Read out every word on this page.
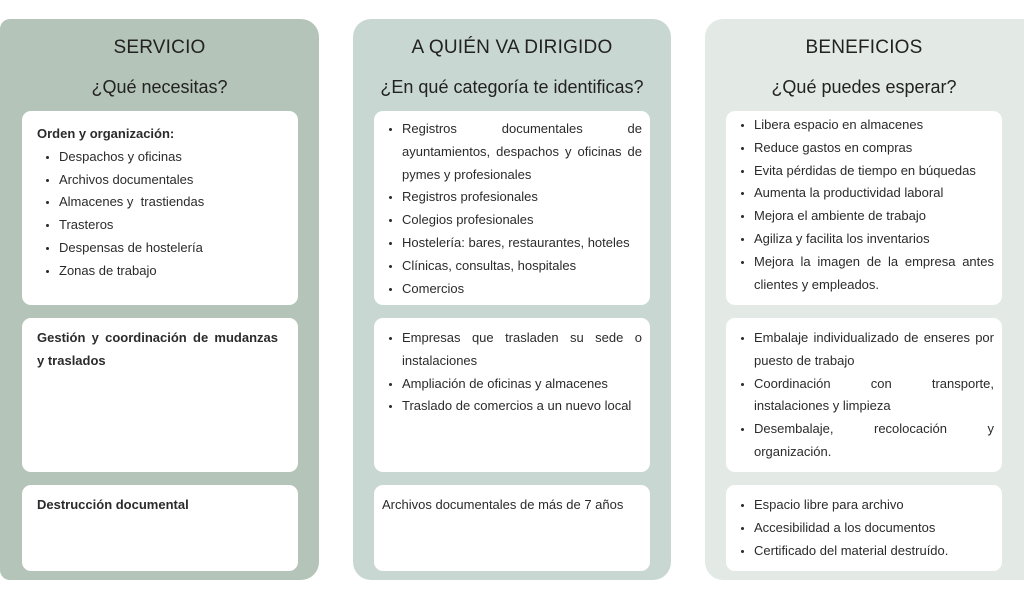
SERVICIO
¿Qué necesitas?
Orden y organización:
• Despachos y oficinas
• Archivos documentales
• Almacenes y  trastiendas
• Trasteros
• Despensas de hostelería
• Zonas de trabajo
Gestión y coordinación de mudanzas y traslados
Destrucción documental
A QUIÉN VA DIRIGIDO
¿En qué categoría te identificas?
• Registros documentales de ayuntamientos, despachos y oficinas de pymes y profesionales
• Registros profesionales
• Colegios profesionales
• Hostelería: bares, restaurantes, hoteles
• Clínicas, consultas, hospitales
• Comercios
• Empresas que trasladen su sede o instalaciones
• Ampliación de oficinas y almacenes
• Traslado de comercios a un nuevo local
Archivos documentales de más de 7 años
BENEFICIOS
¿Qué puedes esperar?
• Libera espacio en almacenes
• Reduce gastos en compras
• Evita pérdidas de tiempo en búquedas
• Aumenta la productividad laboral
• Mejora el ambiente de trabajo
• Agiliza y facilita los inventarios
• Mejora la imagen de la empresa antes clientes y empleados.
• Embalaje individualizado de enseres por puesto de trabajo
• Coordinación con transporte, instalaciones y limpieza
• Desembalaje, recolocación y organización.
• Espacio libre para archivo
• Accesibilidad a los documentos
• Certificado del material destruído.
